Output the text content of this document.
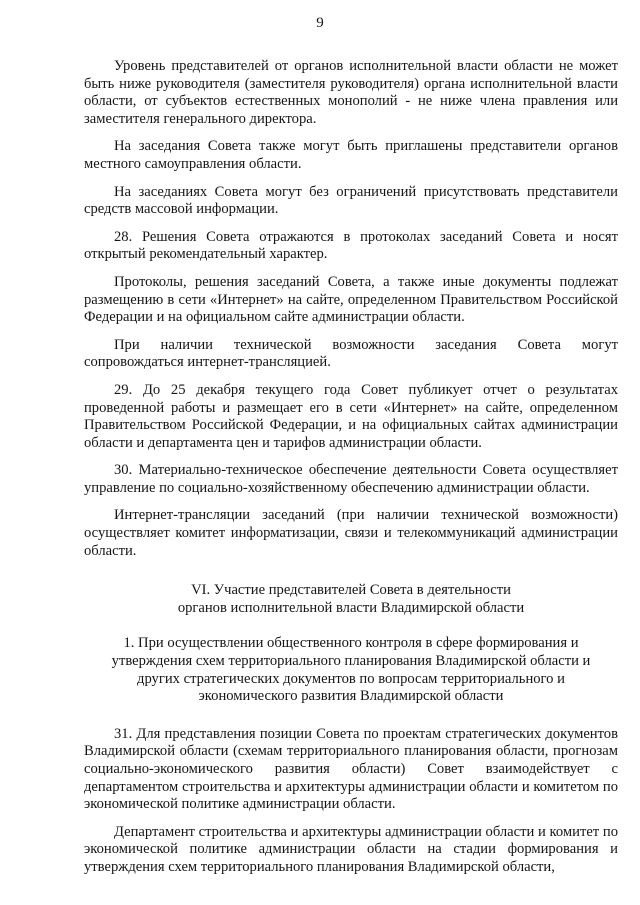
9

Уровень представителей от органов исполнительной власти области не может быть ниже руководителя (заместителя руководителя) органа исполнительной власти области, от субъектов естественных монополий - не ниже члена правления или заместителя генерального директора.

На заседания Совета также могут быть приглашены представители органов местного самоуправления области.

На заседаниях Совета могут без ограничений присутствовать представители средств массовой информации.

28. Решения Совета отражаются в протоколах заседаний Совета и носят открытый рекомендательный характер.

Протоколы, решения заседаний Совета, а также иные документы подлежат размещению в сети «Интернет» на сайте, определенном Правительством Российской Федерации и на официальном сайте администрации области.

При наличии технической возможности заседания Совета могут сопровождаться интернет-трансляцией.

29. До 25 декабря текущего года Совет публикует отчет о результатах проведенной работы и размещает его в сети «Интернет» на сайте, определенном Правительством Российской Федерации, и на официальных сайтах администрации области и департамента цен и тарифов администрации области.

30. Материально-техническое обеспечение деятельности Совета осуществляет управление по социально-хозяйственному обеспечению администрации области.

Интернет-трансляции заседаний (при наличии технической возможности) осуществляет комитет информатизации, связи и телекоммуникаций администрации области.

VI. Участие представителей Совета в деятельности
органов исполнительной власти Владимирской области
1. При осуществлении общественного контроля в сфере формирования и
утверждения схем территориального планирования Владимирской области и
других стратегических документов по вопросам территориального и
экономического развития Владимирской области

31. Для представления позиции Совета по проектам стратегических документов Владимирской области (схемам территориального планирования области, прогнозам социально-экономического развития области) Совет взаимодействует с департаментом строительства и архитектуры администрации области и комитетом по экономической политике администрации области.

Департамент строительства и архитектуры администрации области и комитет по экономической политике администрации области на стадии формирования и утверждения схем территориального планирования Владимирской области,
